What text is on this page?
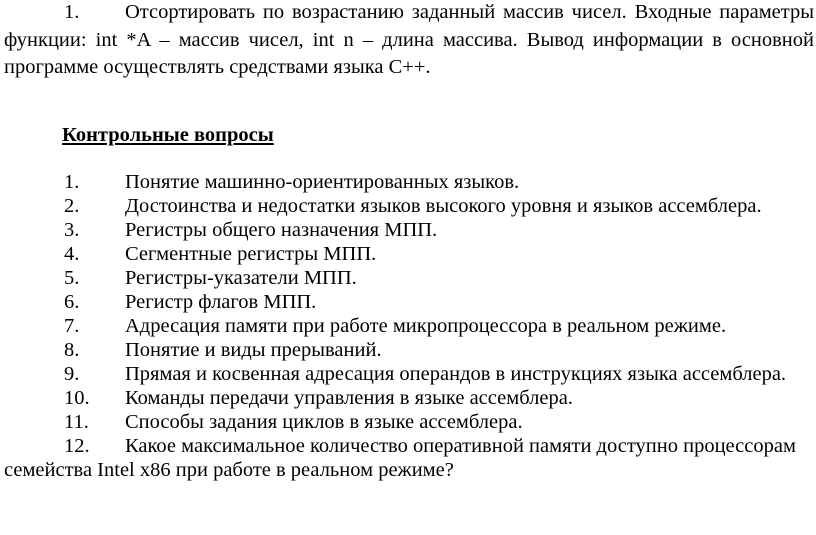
1. Отсортировать по возрастанию заданный массив чисел. Входные параметры
функции: int *A – массив чисел, int n – длина массива. Вывод информации в основной
программе осуществлять средствами языка С++.
Контрольные вопросы
1. Понятие машинно-ориентированных языков.
2. Достоинства и недостатки языков высокого уровня и языков ассемблера.
3. Регистры общего назначения МПП.
4. Сегментные регистры МПП.
5. Регистры-указатели МПП.
6. Регистр флагов МПП.
7. Адресация памяти при работе микропроцессора в реальном режиме.
8. Понятие и виды прерываний.
9. Прямая и косвенная адресация операндов в инструкциях языка ассемблера.
10. Команды передачи управления в языке ассемблера.
11. Способы задания циклов в языке ассемблера.
12. Какое максимальное количество оперативной памяти доступно процессорам
семейства Intel x86 при работе в реальном режиме?
